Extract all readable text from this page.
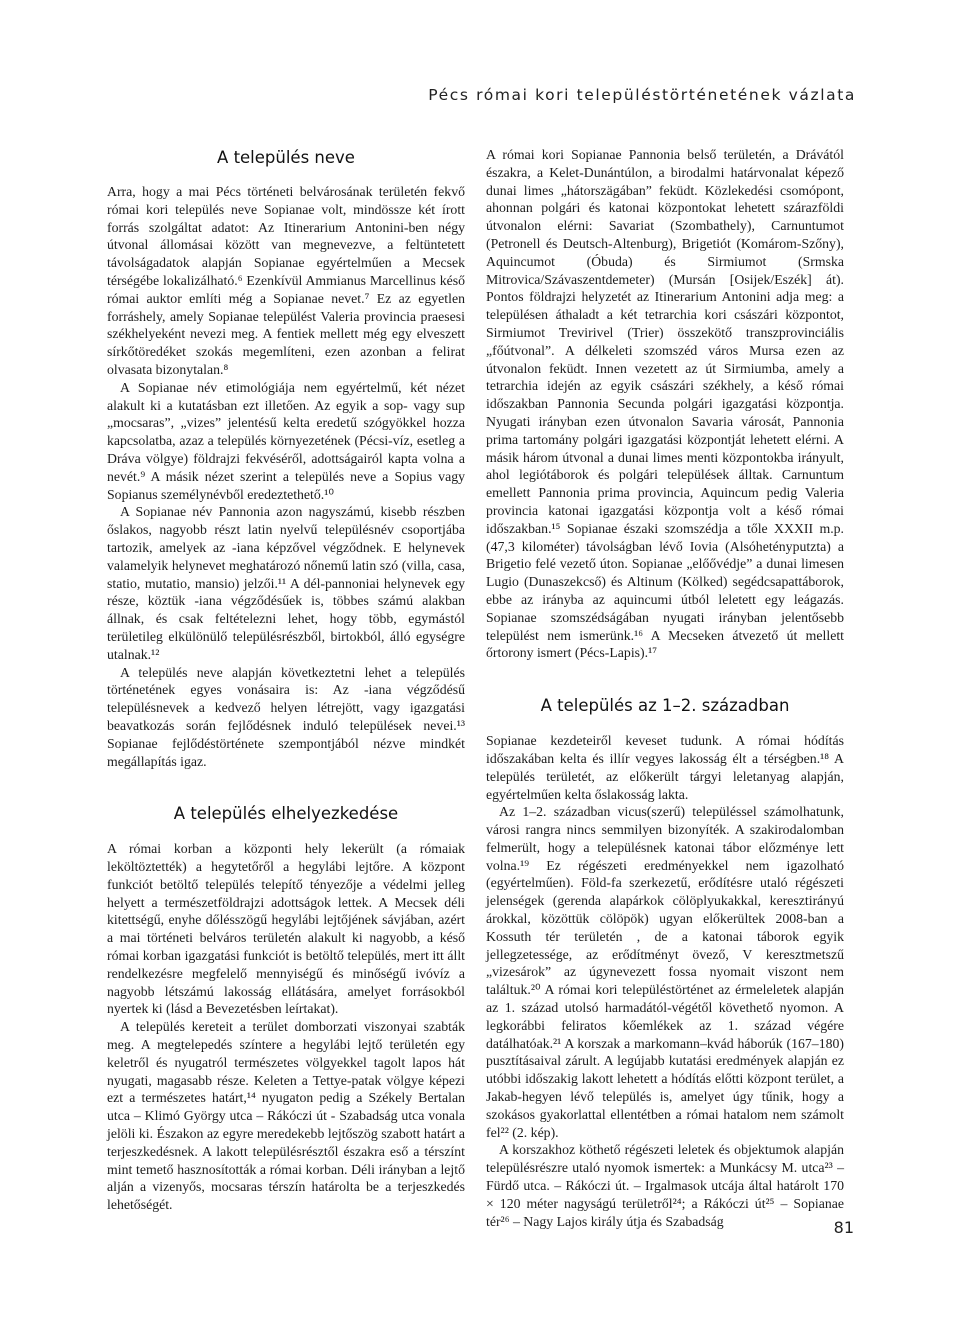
Pécs római kori településtörténetének vázlata
A település neve

Arra, hogy a mai Pécs történeti belvárosának területén fekvő római kori település neve Sopianae volt, mindössze két írott forrás szolgáltat adatot: Az Itinerarium Antonini-ben négy útvonal állomásai között van megnevezve, a feltüntetett távolságadatok alapján Sopianae egyértelműen a Mecsek térségébe lokalizálható.⁶ Ezenkívül Ammianus Marcellinus késő római auktor említi még a Sopianae nevet.⁷ Ez az egyetlen forráshely, amely Sopianae települést Valeria provincia praesesi székhelyeként nevezi meg. A fentiek mellett még egy elveszett sírkőtöredéket szokás megemlíteni, ezen azonban a felirat olvasata bizonytalan.⁸

A Sopianae név etimológiája nem egyértelmű, két nézet alakult ki a kutatásban ezt illetően. Az egyik a sop- vagy sup „mocsaras”, „vizes” jelentésű kelta eredetű szógyökkel hozza kapcsolatba, azaz a település környezetének (Pécsi-víz, esetleg a Dráva völgye) földrajzi fekvéséről, adottságairól kapta volna a nevét.⁹ A másik nézet szerint a település neve a Sopius vagy Sopianus személynévből eredeztethető.¹⁰

A Sopianae név Pannonia azon nagyszámú, kisebb részben őslakos, nagyobb részt latin nyelvű településnév csoportjába tartozik, amelyek az -iana képzővel végződnek. E helynevek valamelyik helynevet meghatározó nőnemű latin szó (villa, casa, statio, mutatio, mansio) jelzői.¹¹ A dél-pannoniai helynevek egy része, köztük -iana végződésűek is, többes számú alakban állnak, és csak feltételezni lehet, hogy több, egymástól területileg elkülönülő településrészből, birtokból, álló egységre utalnak.¹²

A település neve alapján következtetni lehet a település történetének egyes vonásaira is: Az -iana végződésű településnevek a kedvező helyen létrejött, vagy igazgatási beavatkozás során fejlődésnek induló települések nevei.¹³ Sopianae fejlődéstörténete szempontjából nézve mindkét megállapítás igaz.

A település elhelyezkedése

A római korban a központi hely lekerült (a rómaiak leköltöztették) a hegytetőről a hegylábi lejtőre. A központ funkciót betöltő település telepítő tényezője a védelmi jelleg helyett a természetföldrajzi adottságok lettek. A Mecsek déli kitettségű, enyhe dőlésszögű hegylábi lejtőjének sávjában, azért a mai történeti belváros területén alakult ki nagyobb, a késő római korban igazgatási funkciót is betöltő település, mert itt állt rendelkezésre megfelelő mennyiségű és minőségű ivóvíz a nagyobb létszámú lakosság ellátására, amelyet forrásokból nyertek ki (lásd a Bevezetésben leírtakat).

A település kereteit a terület domborzati viszonyai szabták meg. A megtelepedés színtere a hegylábi lejtő területén egy keletről és nyugatról természetes völgyekkel tagolt lapos hát nyugati, magasabb része. Keleten a Tettye-patak völgye képezi ezt a természetes határt,¹⁴ nyugaton pedig a Székely Bertalan utca – Klimó György utca – Rákóczi út - Szabadság utca vonala jelöli ki. Északon az egyre meredekebb lejtőszög szabott határt a terjeszkedésnek. A lakott településrésztől északra eső a térszínt mint temető hasznosították a római korban. Déli irányban a lejtő alján a vizenyős, mocsaras térszín határolta be a terjeszkedés lehetőségét.

A római kori Sopianae Pannonia belső területén, a Drávától északra, a Kelet-Dunántúlon, a birodalmi határvonalat képező dunai limes „hátorszägában” feküdt. Közlekedési csomópont, ahonnan polgári és katonai központokat lehetett szárazföldi útvonalon elérni: Savariat (Szombathely), Carnuntumot (Petronell és Deutsch-Altenburg), Brigetiót (Komárom-Szőny), Aquincumot (Óbuda) és Sirmiumot (Srmska Mitrovica/Szávaszentdemeter) (Mursán [Osijek/Eszék] át). Pontos földrajzi helyzetét az Itinerarium Antonini adja meg: a településen áthaladt a két tetrarchia kori császári központot, Sirmiumot Trevirivel (Trier) összekötő transzprovinciális „főútvonal”. A délkeleti szomszéd város Mursa ezen az útvonalon feküdt. Innen vezetett az út Sirmiumba, amely a tetrarchia idején az egyik császári székhely, a késő római időszakban Pannonia Secunda polgári igazgatási központja. Nyugati irányban ezen útvonalon Savaria városát, Pannonia prima tartomány polgári igazgatási központját lehetett elérni. A másik három útvonal a dunai limes menti központokba irányult, ahol legiótáborok és polgári települések álltak. Carnuntum emellett Pannonia prima provincia, Aquincum pedig Valeria provincia katonai igazgatási központja volt a késő római időszakban.¹⁵ Sopianae északi szomszédja a tőle XXXII m.p. (47,3 kilométer) távolságban lévő Iovia (Alsóhetényputzta) a Brigetio felé vezető úton. Sopianae „előővédje” a dunai limesen Lugio (Dunaszekcső) és Altinum (Kölked) segédcsapattáborok, ebbe az irányba az aquincumi útból leletett egy leágazás. Sopianae szomszédságában nyugati irányban jelentősebb települést nem ismerünk.¹⁶ A Mecseken átvezető út mellett őrtorony ismert (Pécs-Lapis).¹⁷

A település az 1–2. században

Sopianae kezdeteiről keveset tudunk. A római hódítás időszakában kelta és illír vegyes lakosság élt a térségben.¹⁸ A település területét, az előkerült tárgyi leletanyag alapján, egyértelműen kelta őslakosság lakta.

Az 1–2. században vicus(szerű) településsel számolhatunk, városi rangra nincs semmilyen bizonyíték. A szakirodalomban felmerült, hogy a településnek katonai tábor előzménye lett volna.¹⁹ Ez régészeti eredményekkel nem igazolható (egyértelműen). Föld-fa szerkezetű, erődítésre utaló régészeti jelenségek (gerenda alapárkok cölöplyukakkal, keresztirányú árokkal, közöttük cölöpök) ugyan előkerültek 2008-ban a Kossuth tér területén , de a katonai táborok egyik jellegzetessége, az erődítményt övező, V keresztmetszű „vizesárok” az úgynevezett fossa nyomait viszont nem találtuk.²⁰ A római kori településtörténet az érmeleletek alapján az 1. század utolsó harmadától-végétől követhető nyomon. A legkorábbi feliratos kőemlékek az 1. század végére datálhatóak.²¹ A korszak a markomann–kvád háborúk (167–180) pusztításaival zárult. A legújabb kutatási eredmények alapján ez utóbbi időszakig lakott lehetett a hódítás előtti központ terület, a Jakab-hegyen lévő település is, amelyet úgy tűnik, hogy a szokásos gyakorlattal ellentétben a római hatalom nem számolt fel²² (2. kép).

A korszakhoz köthető régészeti leletek és objektumok alapján településrészre utaló nyomok ismertek: a Munkácsy M. utca²³ – Fürdő utca. – Rákóczi út. – Irgalmasok utcája által határolt 170 × 120 méter nagyságú területről²⁴; a Rákóczi út²⁵ – Sopianae tér²⁶ – Nagy Lajos király útja és Szabadság	81
